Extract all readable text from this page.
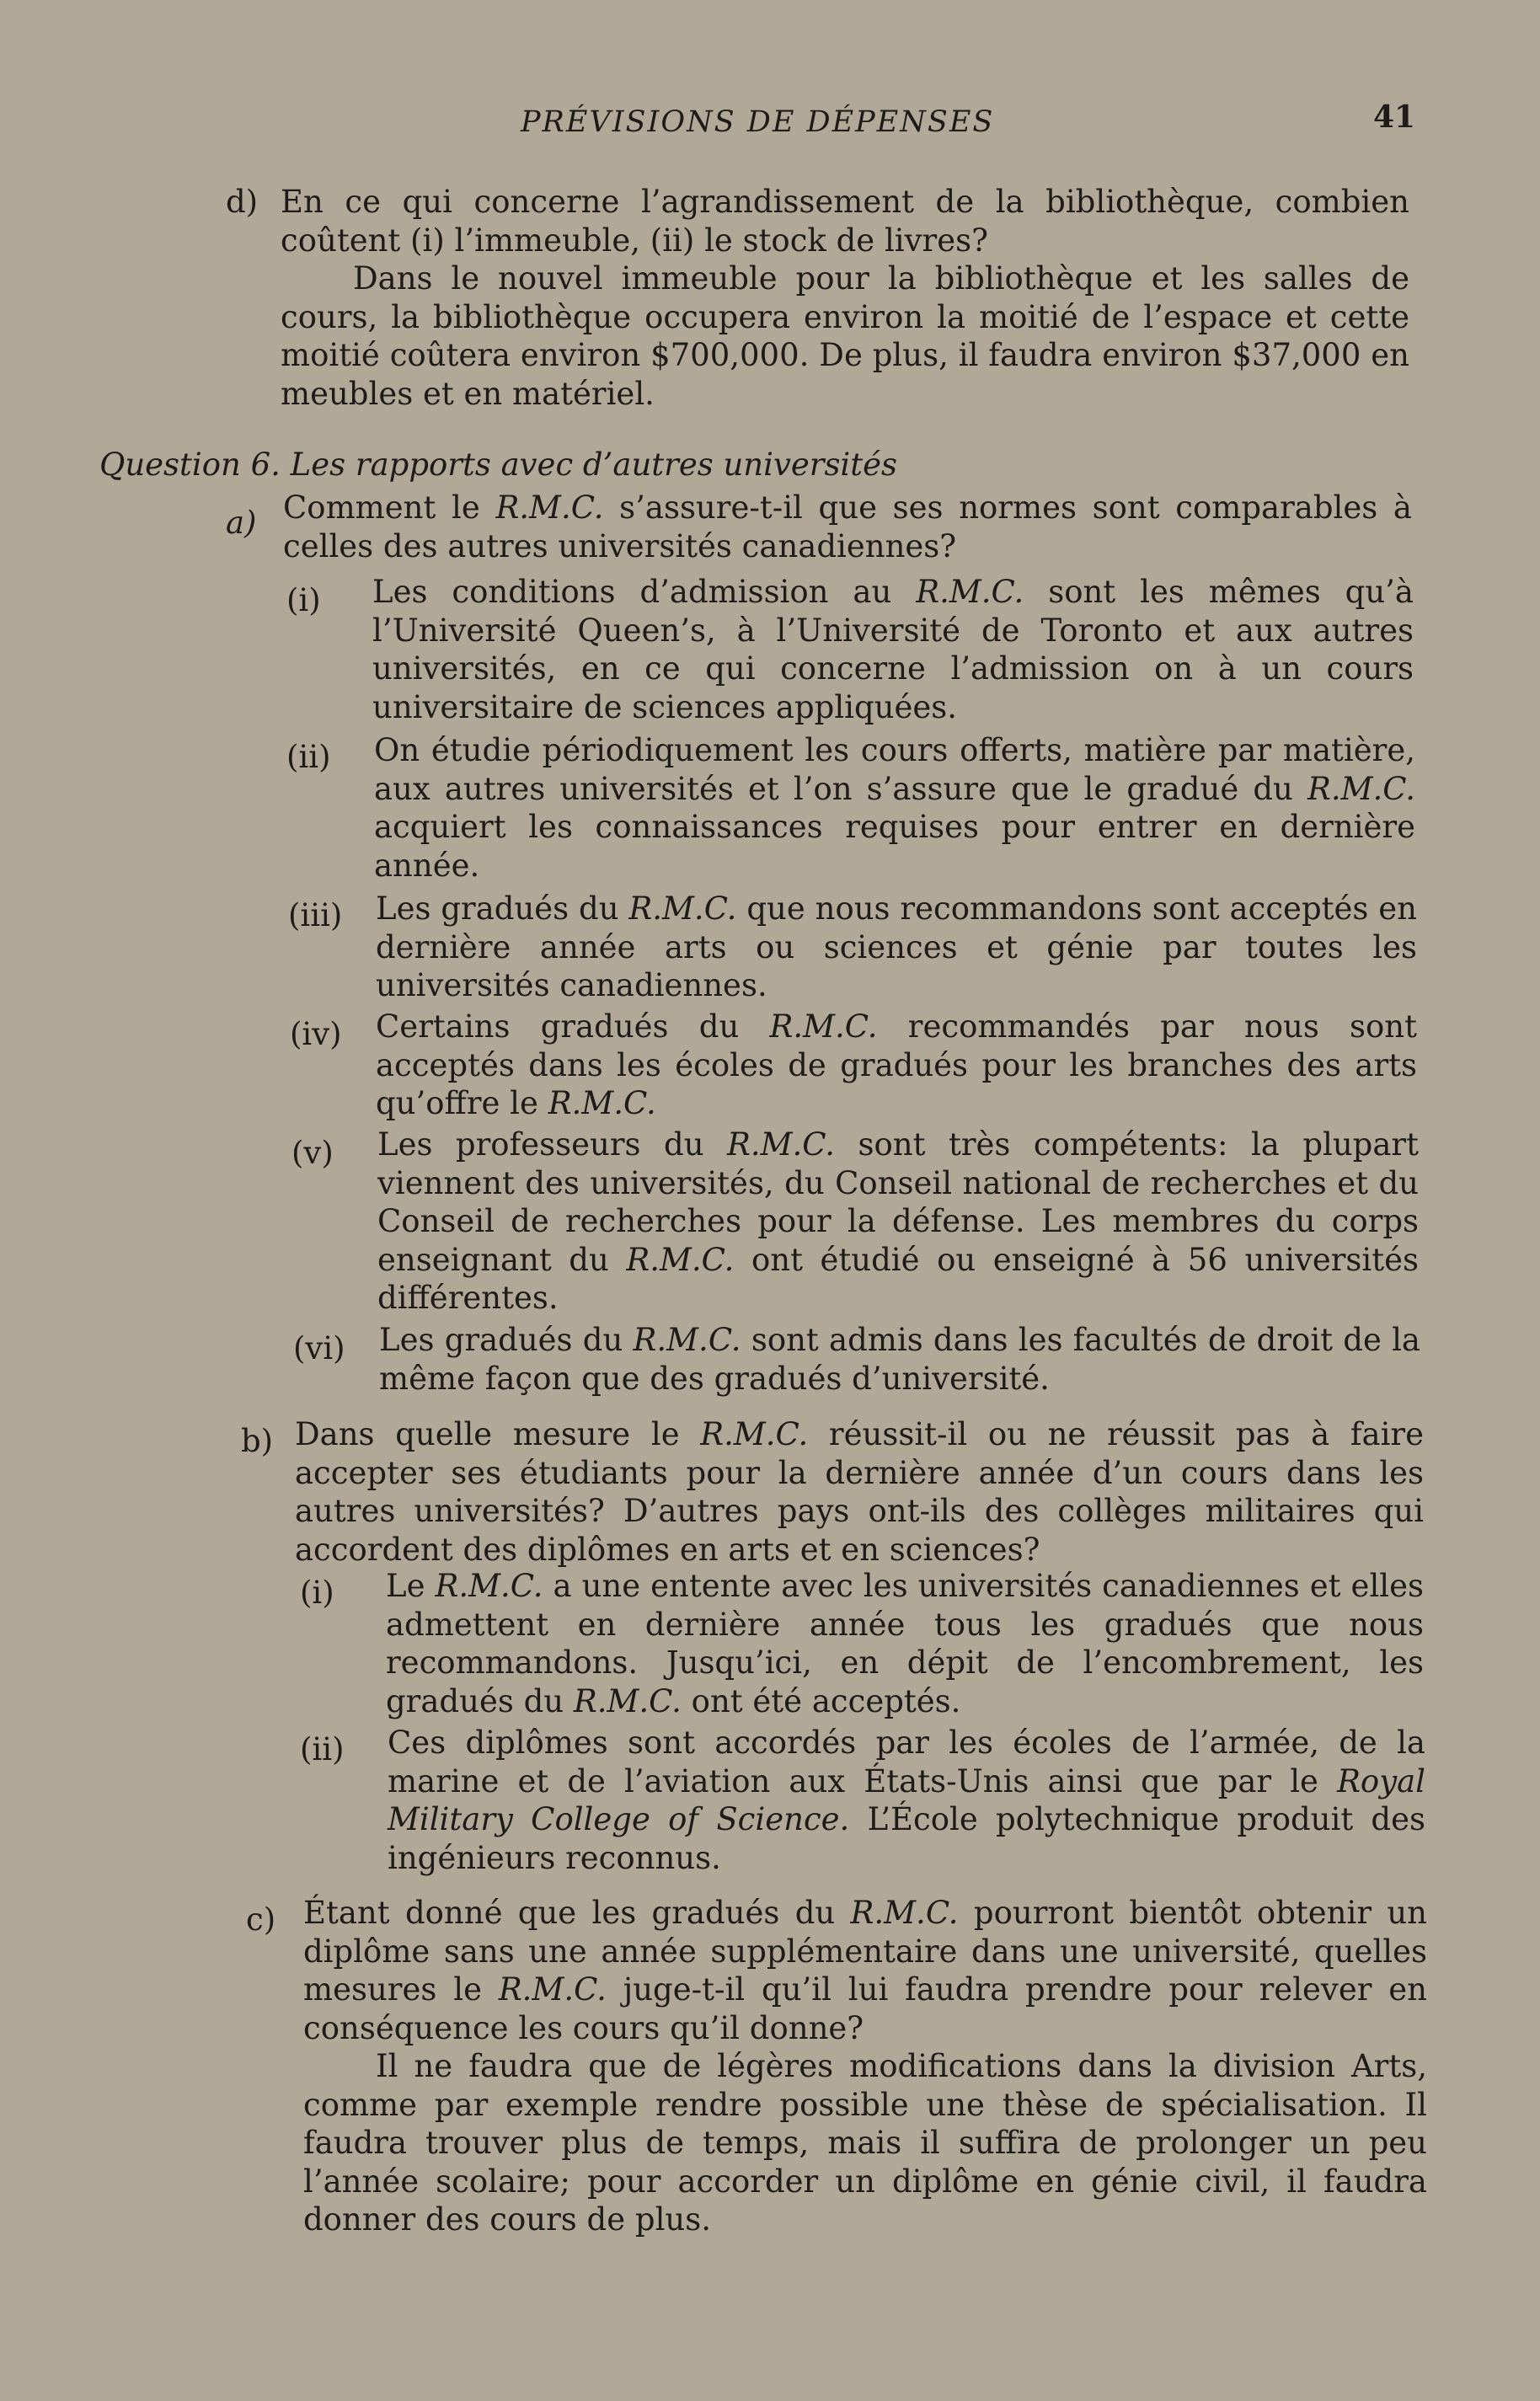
PRÉVISIONS DE DÉPENSES	41
d) En ce qui concerne l’agrandissement de la bibliothèque, combien coûtent (i) l’immeuble, (ii) le stock de livres?

Dans le nouvel immeuble pour la bibliothèque et les salles de cours, la bibliothèque occupera environ la moitié de l’espace et cette moitié coûtera environ $700,000. De plus, il faudra environ $37,000 en meubles et en matériel.

Question 6. Les rapports avec d’autres universités
a) Comment le R.M.C. s’assure-t-il que ses normes sont comparables à celles des autres universités canadiennes?

(i) Les conditions d’admission au R.M.C. sont les mêmes qu’à l’Université Queen’s, à l’Université de Toronto et aux autres universités, en ce qui concerne l’admission on à un cours universitaire de sciences appliquées.

(ii) On étudie périodiquement les cours offerts, matière par matière, aux autres universités et l’on s’assure que le gradué du R.M.C. acquiert les connaissances requises pour entrer en dernière année.

(iii) Les gradués du R.M.C. que nous recommandons sont acceptés en dernière année arts ou sciences et génie par toutes les universités canadiennes.

(iv) Certains gradués du R.M.C. recommandés par nous sont acceptés dans les écoles de gradués pour les branches des arts qu’offre le R.M.C.

(v) Les professeurs du R.M.C. sont très compétents: la plupart viennent des universités, du Conseil national de recherches et du Conseil de recherches pour la défense. Les membres du corps enseignant du R.M.C. ont étudié ou enseigné à 56 universités différentes.

(vi) Les gradués du R.M.C. sont admis dans les facultés de droit de la même façon que des gradués d’université.

b) Dans quelle mesure le R.M.C. réussit-il ou ne réussit pas à faire accepter ses étudiants pour la dernière année d’un cours dans les autres universités? D’autres pays ont-ils des collèges militaires qui accordent des diplômes en arts et en sciences?

(i) Le R.M.C. a une entente avec les universités canadiennes et elles admettent en dernière année tous les gradués que nous recommandons. Jusqu’ici, en dépit de l’encombrement, les gradués du R.M.C. ont été acceptés.

(ii) Ces diplômes sont accordés par les écoles de l’armée, de la marine et de l’aviation aux États-Unis ainsi que par le Royal Military College of Science. L’École polytechnique produit des ingénieurs reconnus.

c) Étant donné que les gradués du R.M.C. pourront bientôt obtenir un diplôme sans une année supplémentaire dans une université, quelles mesures le R.M.C. juge-t-il qu’il lui faudra prendre pour relever en conséquence les cours qu’il donne?

Il ne faudra que de légères modifications dans la division Arts, comme par exemple rendre possible une thèse de spécialisation. Il faudra trouver plus de temps, mais il suffira de prolonger un peu l’année scolaire; pour accorder un diplôme en génie civil, il faudra donner des cours de plus.
